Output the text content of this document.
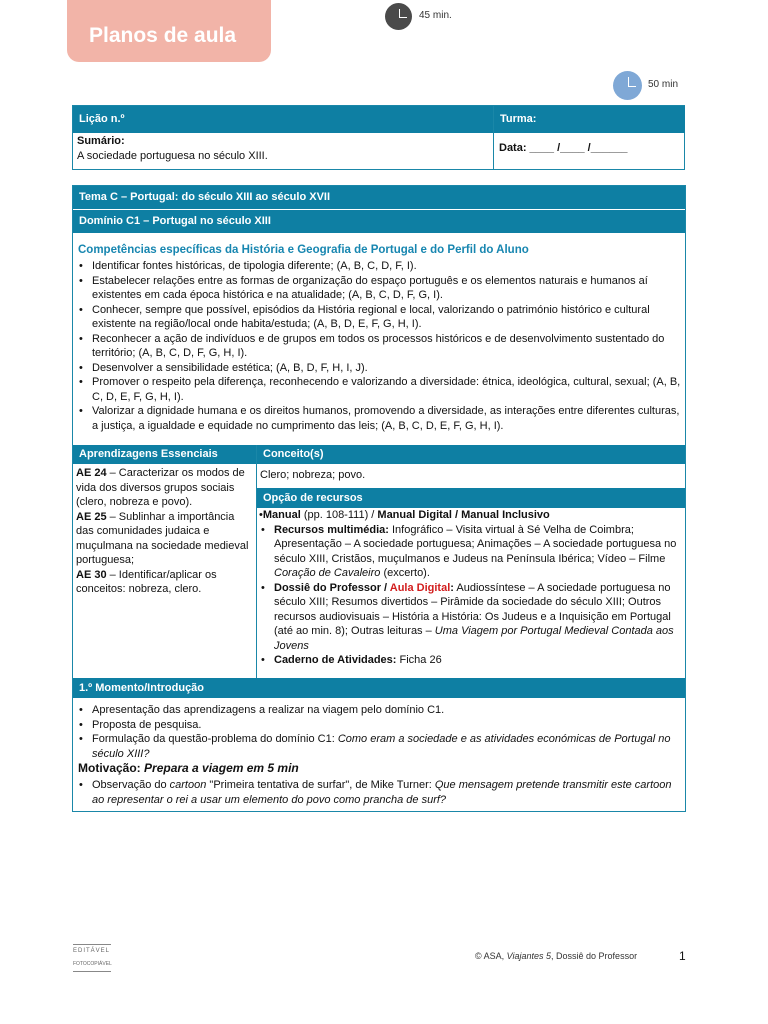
Planos de aula
45 min.
50 min
Lição n.º	Turma:
Sumário:
A sociedade portuguesa no século XIII.
Data: ____ /____ /______
Tema C – Portugal: do século XIII ao século XVII
Domínio C1 – Portugal no século XIII
Competências específicas da História e Geografia de Portugal e do Perfil do Aluno
• Identificar fontes históricas, de tipologia diferente; (A, B, C, D, F, I).
• Estabelecer relações entre as formas de organização do espaço português e os elementos naturais e humanos aí existentes em cada época histórica e na atualidade; (A, B, C, D, F, G, I).
• Conhecer, sempre que possível, episódios da História regional e local, valorizando o património histórico e cultural existente na região/local onde habita/estuda; (A, B, D, E, F, G, H, I).
• Reconhecer a ação de indivíduos e de grupos em todos os processos históricos e de desenvolvimento sustentado do território; (A, B, C, D, F, G, H, I).
• Desenvolver a sensibilidade estética; (A, B, D, F, H, I, J).
• Promover o respeito pela diferença, reconhecendo e valorizando a diversidade: étnica, ideológica, cultural, sexual; (A, B, C, D, E, F, G, H, I).
• Valorizar a dignidade humana e os direitos humanos, promovendo a diversidade, as interações entre diferentes culturas, a justiça, a igualdade e equidade no cumprimento das leis; (A, B, C, D, E, F, G, H, I).
Aprendizagens Essenciais	Conceito(s)
AE 24 – Caracterizar os modos de vida dos diversos grupos sociais (clero, nobreza e povo).
AE 25 – Sublinhar a importância das comunidades judaica e muçulmana na sociedade medieval portuguesa;
AE 30 – Identificar/aplicar os conceitos: nobreza, clero.
Clero; nobreza; povo.
Opção de recursos
•Manual (pp. 108-111) / Manual Digital / Manual Inclusivo
• Recursos multimédia: Infográfico – Visita virtual à Sé Velha de Coimbra; Apresentação – A sociedade portuguesa; Animações – A sociedade portuguesa no século XIII, Cristãos, muçulmanos e Judeus na Península Ibérica; Vídeo – Filme Coração de Cavaleiro (excerto).
• Dossiê do Professor / Aula Digital: Audiossíntese – A sociedade portuguesa no século XIII; Resumos divertidos – Pirâmide da sociedade do século XIII; Outros recursos audiovisuais – História a História: Os Judeus e a Inquisição em Portugal (até ao min. 8); Outras leituras – Uma Viagem por Portugal Medieval Contada aos Jovens
• Caderno de Atividades: Ficha 26
1.º Momento/Introdução
• Apresentação das aprendizagens a realizar na viagem pelo domínio C1.
• Proposta de pesquisa.
• Formulação da questão-problema do domínio C1: Como eram a sociedade e as atividades económicas de Portugal no século XIII?
Motivação: Prepara a viagem em 5 min
• Observação do cartoon "Primeira tentativa de surfar", de Mike Turner: Que mensagem pretende transmitir este cartoon ao representar o rei a usar um elemento do povo como prancha de surf?
EDITÁVEL
FOTOCOPIÁVEL
© ASA, Viajantes 5, Dossiê do Professor	1
